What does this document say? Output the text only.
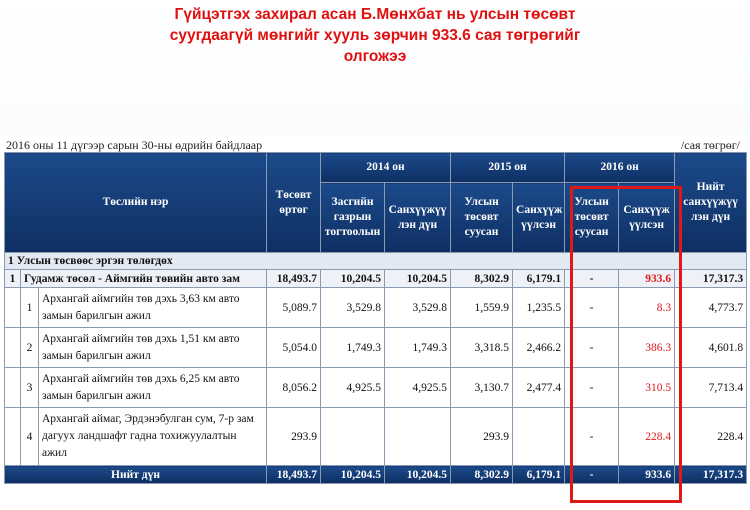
Гүйцэтгэх захирал асан Б.Мөнхбат нь улсын төсөвт
суугдаагүй мөнгийг хууль зөрчин 933.6 сая төгрөгийг
олгожээ
2016 оны 11 дүгээр сарын 30-ны өдрийн байдлаар	/сая төгрөг/
Төслийн нэр			Төсөвт өртөг	2014 он		2015 он		2016 он		Нийт санхүүжүү лэн дүн
				Засгийн газрын тогтоолын	Санхүүжүү лэн дүн	Улсын төсөвт суусан	Санхүүж үүлсэн	Улсын төсөвт суусан	Санхүүж үүлсэн	
1 Улсын төсвөөс эргэн төлөгдөх										
1	Гудамж төсөл - Аймгийн төвийн авто зам		18,493.7	10,204.5	10,204.5	8,302.9	6,179.1	-	933.6	17,317.3
	1	Архангай аймгийн төв дэхь 3,63 км авто замын барилгын ажил	5,089.7	3,529.8	3,529.8	1,559.9	1,235.5	-	8.3	4,773.7
	2	Архангай аймгийн төв дэхь 1,51 км авто замын барилгын ажил	5,054.0	1,749.3	1,749.3	3,318.5	2,466.2	-	386.3	4,601.8
	3	Архангай аймгийн төв дэхь 6,25 км авто замын барилгын ажил	8,056.2	4,925.5	4,925.5	3,130.7	2,477.4	-	310.5	7,713.4
	4	Архангай аймаг, Эрдэнэбулган сум, 7-р зам дагуух ландшафт гадна тохижуулалтын ажил	293.9			293.9		-	228.4	228.4
Нийт дүн			18,493.7	10,204.5	10,204.5	8,302.9	6,179.1	-	933.6	17,317.3
